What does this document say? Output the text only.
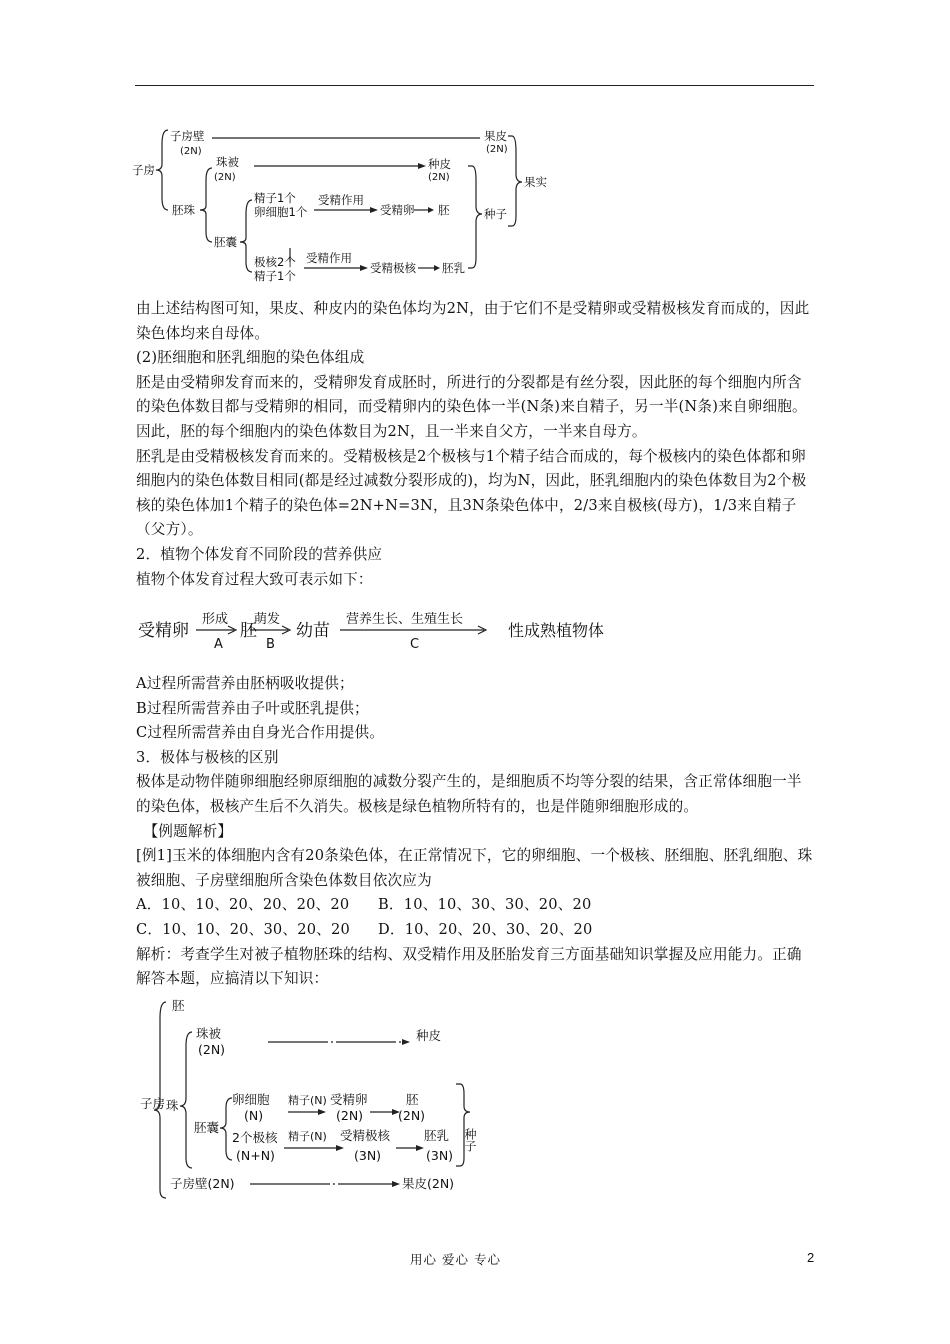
子房
子房壁
(2N)
果皮
(2N)
珠被
(2N)
种皮
(2N)
胚珠
胚囊
精子1个
卵细胞1个
受精作用
受精卵 胚
极核2个
精子1个
受精作用
受精极核 胚乳
种子
果实

由上述结构图可知，果皮、种皮内的染色体均为2N，由于它们不是受精卵或受精极核发育而成的，因此染色体均来自母体。

(2)胚细胞和胚乳细胞的染色体组成

胚是由受精卵发育而来的，受精卵发育成胚时，所进行的分裂都是有丝分裂，因此胚的每个细胞内所含的染色体数目都与受精卵的相同，而受精卵内的染色体一半(N条)来自精子，另一半(N条)来自卵细胞。因此，胚的每个细胞内的染色体数目为2N，且一半来自父方，一半来自母方。

胚乳是由受精极核发育而来的。受精极核是2个极核与1个精子结合而成的，每个极核内的染色体都和卵细胞内的染色体数目相同(都是经过减数分裂形成的)，均为N，因此，胚乳细胞内的染色体数目为2个极核的染色体加1个精子的染色体=2N+N=3N，且3N条染色体中，2/3来自极核(母方)，1/3来自精子（父方）。

2．植物个体发育不同阶段的营养供应

植物个体发育过程大致可表示如下：

受精卵	胚 幼苗	性成熟植物体
形成
A
萌发
B
营养生长、生殖生长
C

A过程所需营养由胚柄吸收提供；

B过程所需营养由子叶或胚乳提供；

C过程所需营养由自身光合作用提供。

3．极体与极核的区别

极体是动物伴随卵细胞经卵原细胞的减数分裂产生的，是细胞质不均等分裂的结果，含正常体细胞一半的染色体，极核产生后不久消失。极核是绿色植物所特有的，也是伴随卵细胞形成的。

　【例题解析】

[例1]玉米的体细胞内含有20条染色体，在正常情况下，它的卵细胞、一个极核、胚细胞、胚乳细胞、珠被细胞、子房壁细胞所含染色体数目依次应为

A．10、10、20、20、20、20 B．10、10、30、30、20、20

C．10、10、20、30、20、20 D．10、20、20、30、20、20

解析：考查学生对被子植物胚珠的结构、双受精作用及胚胎发育三方面基础知识掌握及应用能力。正确解答本题，应搞清以下知识：

胚
子房 珠
珠被
(2N)
种皮
胚囊
卵细胞
(N)
精子(N) 受精卵
(2N)
胚
(2N)
2个极核
(N+N)
精子(N) 受精极核
(3N)
胚乳
(3N)
种子
子房壁(2N)	果皮(2N)
用心 爱心 专心	2
